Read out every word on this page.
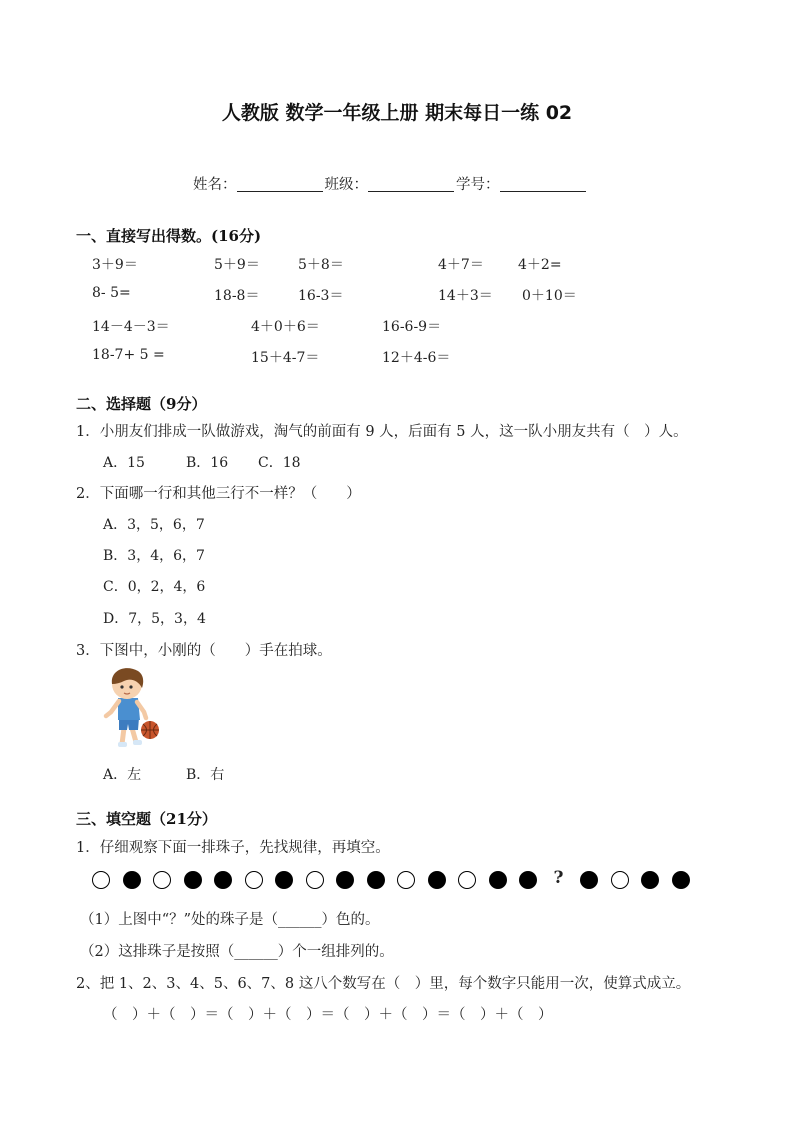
人教版 数学一年级上册 期末每日一练 02
姓名：	班级：	学号：
一、直接写出得数。(16分)
3＋9＝	5＋9＝	5＋8＝	4＋7＝ 4＋2=
8- 5=	18-8＝	16-3＝	14＋3＝ 0＋10＝
14－4－3＝	4＋0＋6＝	16-6-9＝
18-7+ 5 =	15＋4-7＝	12＋4-6＝
二、选择题（9分）
1．小朋友们排成一队做游戏，淘气的前面有 9 人，后面有 5 人，这一队小朋友共有（　）人。
A．15	B．16 C．18
2．下面哪一行和其他三行不一样？（　　）
A．3，5，6，7
B．3，4，6，7
C．0，2，4，6
D．7，5，3，4
3．下图中，小刚的（　　）手在拍球。
A．左	B．右
三、填空题（21分）
1．仔细观察下面一排珠子，先找规律，再填空。
?
（1）上图中“？”处的珠子是（______）色的。
（2）这排珠子是按照（______）个一组排列的。
2、把 1、2、3、4、5、6、7、8 这八个数写在（　）里，每个数字只能用一次，使算式成立。
（　）＋（　）＝（　）＋（　）＝（　）＋（　）＝（　）＋（　）
